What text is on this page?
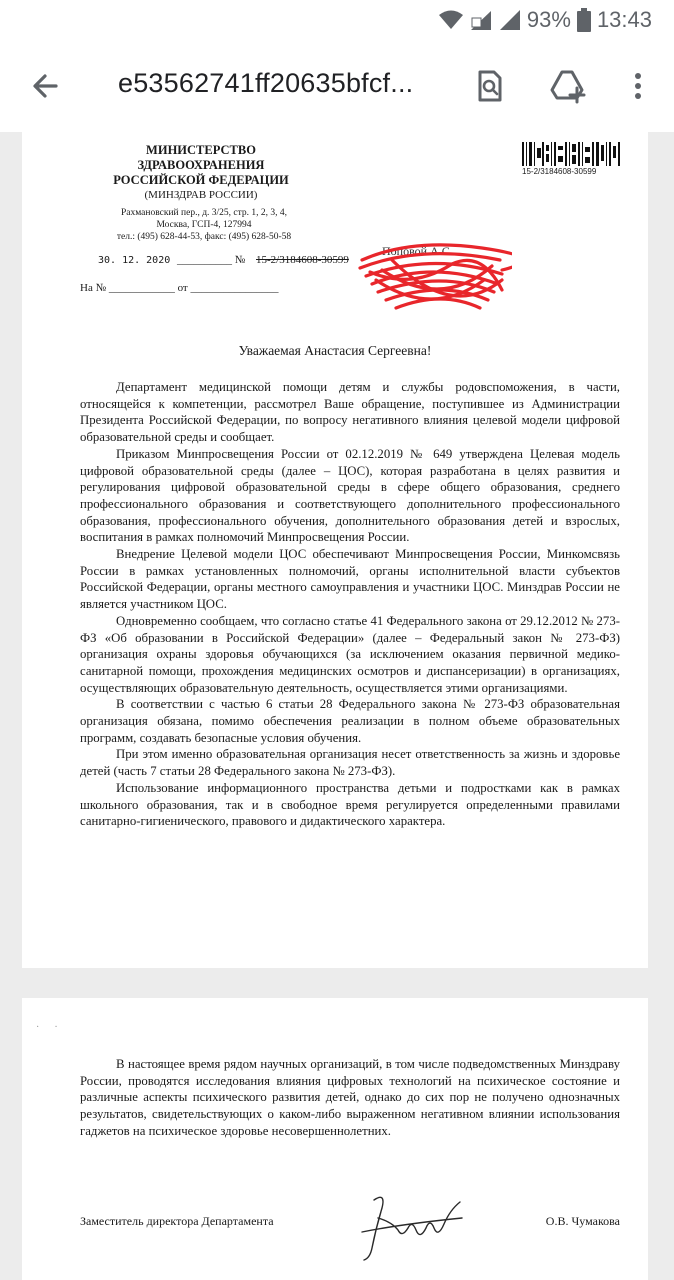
93% 13:43
e53562741ff20635bfcf...
МИНИСТЕРСТВО
ЗДРАВООХРАНЕНИЯ
РОССИЙСКОЙ ФЕДЕРАЦИИ
(МИНЗДРАВ РОССИИ)
Рахмановский пер., д. 3/25, стр. 1, 2, 3, 4,
Москва, ГСП-4, 127994
тел.: (495) 628-44-53, факс: (495) 628-50-58
15-2/3184608-30599
30. 12. 2020 __________ № 15-2/3184608-30599
На № ____________ от ________________
Поповой А.С.
Уважаемая Анастасия Сергеевна!

Департамент медицинской помощи детям и службы родовспоможения, в части, относящейся к компетенции, рассмотрел Ваше обращение, поступившее из Администрации Президента Российской Федерации, по вопросу негативного влияния целевой модели цифровой образовательной среды и сообщает.

Приказом Минпросвещения России от 02.12.2019 № 649 утверждена Целевая модель цифровой образовательной среды (далее – ЦОС), которая разработана в целях развития и регулирования цифровой образовательной среды в сфере общего образования, среднего профессионального образования и соответствующего дополнительного профессионального образования, профессионального обучения, дополнительного образования детей и взрослых, воспитания в рамках полномочий Минпросвещения России.

Внедрение Целевой модели ЦОС обеспечивают Минпросвещения России, Минкомсвязь России в рамках установленных полномочий, органы исполнительной власти субъектов Российской Федерации, органы местного самоуправления и участники ЦОС. Минздрав России не является участником ЦОС.

Одновременно сообщаем, что согласно статье 41 Федерального закона от 29.12.2012 № 273-ФЗ «Об образовании в Российской Федерации» (далее – Федеральный закон № 273-ФЗ) организация охраны здоровья обучающихся (за исключением оказания первичной медико-санитарной помощи, прохождения медицинских осмотров и диспансеризации) в организациях, осуществляющих образовательную деятельность, осуществляется этими организациями.

В соответствии с частью 6 статьи 28 Федерального закона № 273-ФЗ образовательная организация обязана, помимо обеспечения реализации в полном объеме образовательных программ, создавать безопасные условия обучения.

При этом именно образовательная организация несет ответственность за жизнь и здоровье детей (часть 7 статьи 28 Федерального закона № 273-ФЗ).

Использование информационного пространства детьми и подростками как в рамках школьного образования, так и в свободное время регулируется определенными правилами санитарно-гигиенического, правового и дидактического характера.

·      ·

В настоящее время рядом научных организаций, в том числе подведомственных Минздраву России, проводятся исследования влияния цифровых технологий на психическое состояние и различные аспекты психического развития детей, однако до сих пор не получено однозначных результатов, свидетельствующих о каком-либо выраженном негативном влиянии использования гаджетов на психическое здоровье несовершеннолетних.

Заместитель директора Департамента	О.В. Чумакова
